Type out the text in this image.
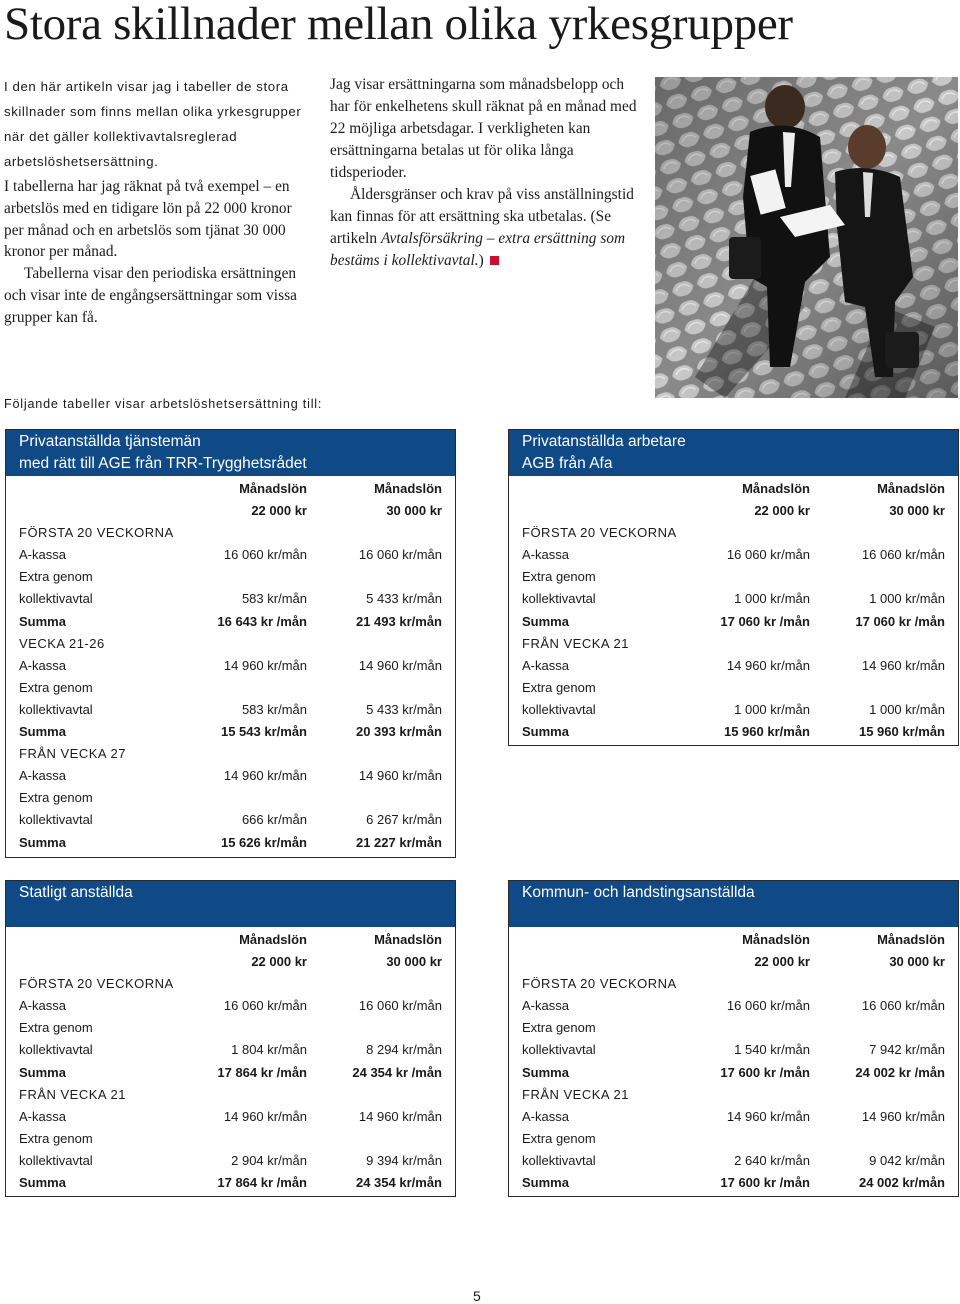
Stora skillnader mellan olika yrkesgrupper

I den här artikeln visar jag i tabeller de stora skillnader som finns mellan olika yrkesgrupper när det gäller kollektivavtalsreglerad arbetslöshetsersättning.

I tabellerna har jag räknat på två exempel – en arbetslös med en tidigare lön på 22 000 kronor per månad och en arbetslös som tjänat 30 000 kronor per månad.

Tabellerna visar den periodiska ersättningen och visar inte de engångsersättningar som vissa grupper kan få.

Jag visar ersättningarna som månadsbelopp och har för enkelhetens skull räknat på en månad med 22 möjliga arbetsdagar. I verkligheten kan ersättningarna betalas ut för olika långa tidsperioder.

Åldersgränser och krav på viss anställningstid kan finnas för att ersättning ska utbetalas. (Se artikeln Avtalsförsäkring – extra ersättning som bestäms i kollektivavtal.)

Följande tabeller visar arbetslöshetsersättning till:
Privatanställda tjänstemän
med rätt till AGE från TRR-Trygghetsrådet
Månadslön	Månadslön
22 000 kr	30 000 kr
FÖRSTA 20 VECKORNA
A-kassa	16 060 kr/mån	16 060 kr/mån
Extra genom
kollektivavtal	583 kr/mån	5 433 kr/mån
Summa	16 643 kr /mån	21 493 kr/mån
VECKA 21-26
A-kassa	14 960 kr/mån	14 960 kr/mån
Extra genom
kollektivavtal	583 kr/mån	5 433 kr/mån
Summa	15 543 kr/mån	20 393 kr/mån
FRÅN VECKA 27
A-kassa	14 960 kr/mån	14 960 kr/mån
Extra genom
kollektivavtal	666 kr/mån	6 267 kr/mån
Summa	15 626 kr/mån	21 227 kr/mån
Privatanställda arbetare
AGB från Afa
Månadslön	Månadslön
22 000 kr	30 000 kr
FÖRSTA 20 VECKORNA
A-kassa	16 060 kr/mån	16 060 kr/mån
Extra genom
kollektivavtal	1 000 kr/mån	1 000 kr/mån
Summa	17 060 kr /mån	17 060 kr /mån
FRÅN VECKA 21
A-kassa	14 960 kr/mån	14 960 kr/mån
Extra genom
kollektivavtal	1 000 kr/mån	1 000 kr/mån
Summa	15 960 kr/mån	15 960 kr/mån
Statligt anställda
Månadslön	Månadslön
22 000 kr	30 000 kr
FÖRSTA 20 VECKORNA
A-kassa	16 060 kr/mån	16 060 kr/mån
Extra genom
kollektivavtal	1 804 kr/mån	8 294 kr/mån
Summa	17 864 kr /mån	24 354 kr /mån
FRÅN VECKA 21
A-kassa	14 960 kr/mån	14 960 kr/mån
Extra genom
kollektivavtal	2 904 kr/mån	9 394 kr/mån
Summa	17 864 kr /mån	24 354 kr/mån
Kommun- och landstingsanställda
Månadslön	Månadslön
22 000 kr	30 000 kr
FÖRSTA 20 VECKORNA
A-kassa	16 060 kr/mån	16 060 kr/mån
Extra genom
kollektivavtal	1 540 kr/mån	7 942 kr/mån
Summa	17 600 kr /mån	24 002 kr /mån
FRÅN VECKA 21
A-kassa	14 960 kr/mån	14 960 kr/mån
Extra genom
kollektivavtal	2 640 kr/mån	9 042 kr/mån
Summa	17 600 kr /mån	24 002 kr/mån
5
